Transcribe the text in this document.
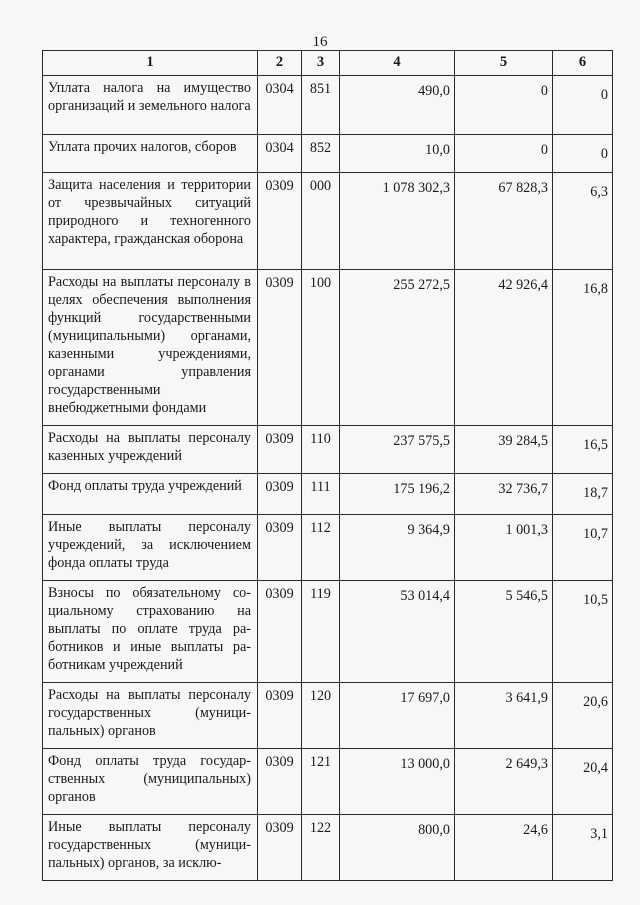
16
1	2	3	4	5	6
Уплата налога на имущество организаций и земельного налога	0304	851	490,0	0	0
Уплата прочих налогов, сборов	0304	852	10,0	0	0
Защита населения и территории от чрезвычайных ситуаций природного и техногенного характера, гражданская оборона	0309	000	1 078 302,3	67 828,3	6,3
Расходы на выплаты персоналу в целях обеспечения выполнения функций государственными (муниципальными) органами, казенными учреждениями, органами управления государственными внебюджетными фондами	0309	100	255 272,5	42 926,4	16,8
Расходы на выплаты персоналу казенных учреждений	0309	110	237 575,5	39 284,5	16,5
Фонд оплаты труда учреждений	0309	111	175 196,2	32 736,7	18,7
Иные выплаты персоналу учреждений, за исключением фонда оплаты труда	0309	112	9 364,9	1 001,3	10,7
Взносы по обязательному социальному страхованию на выплаты по оплате труда работников и иные выплаты работникам учреждений	0309	119	53 014,4	5 546,5	10,5
Расходы на выплаты персоналу государственных (муниципальных) органов	0309	120	17 697,0	3 641,9	20,6
Фонд оплаты труда государственных (муниципальных) органов	0309	121	13 000,0	2 649,3	20,4
Иные выплаты персоналу государственных (муниципальных) органов, за исклю-	0309	122	800,0	24,6	3,1
